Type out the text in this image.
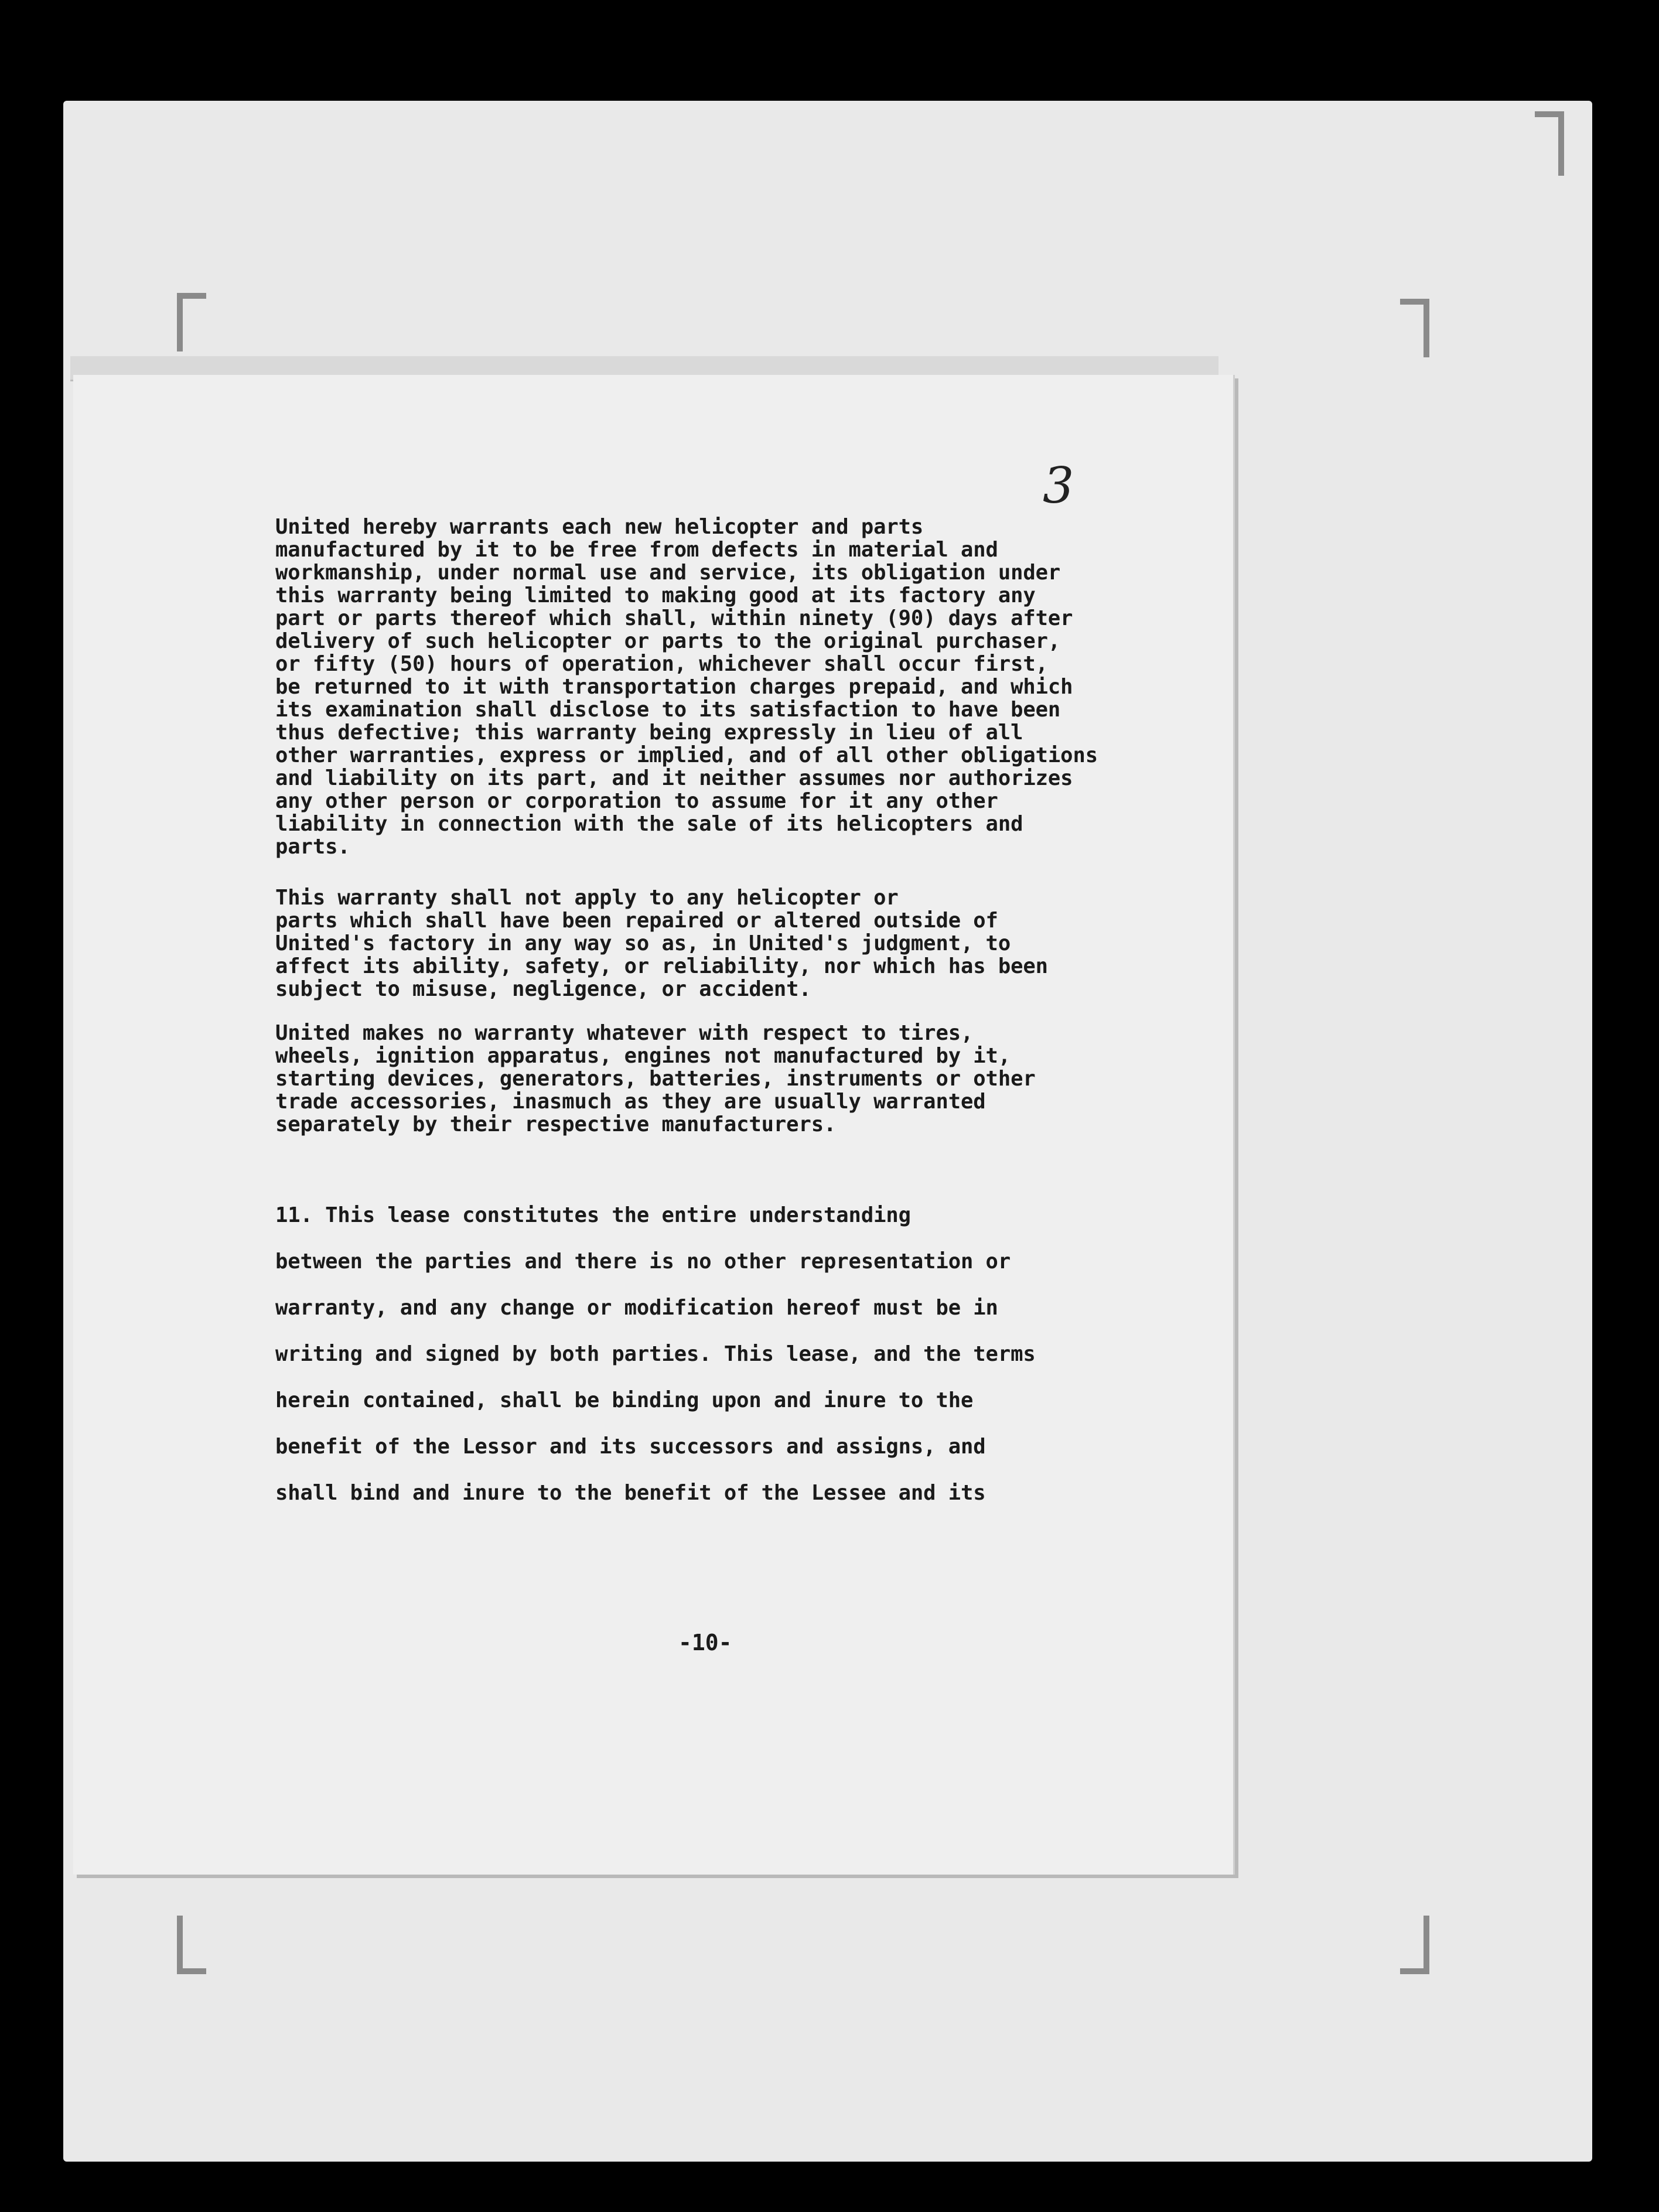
3

United hereby warrants each new helicopter and parts
manufactured by it to be free from defects in material and
workmanship, under normal use and service, its obligation under
this warranty being limited to making good at its factory any
part or parts thereof which shall, within ninety (90) days after
delivery of such helicopter or parts to the original purchaser,
or fifty (50) hours of operation, whichever shall occur first,
be returned to it with transportation charges prepaid, and which
its examination shall disclose to its satisfaction to have been
thus defective; this warranty being expressly in lieu of all
other warranties, express or implied, and of all other obligations
and liability on its part, and it neither assumes nor authorizes
any other person or corporation to assume for it any other
liability in connection with the sale of its helicopters and
parts.

This warranty shall not apply to any helicopter or
parts which shall have been repaired or altered outside of
United's factory in any way so as, in United's judgment, to
affect its ability, safety, or reliability, nor which has been
subject to misuse, negligence, or accident.

United makes no warranty whatever with respect to tires,
wheels, ignition apparatus, engines not manufactured by it,
starting devices, generators, batteries, instruments or other
trade accessories, inasmuch as they are usually warranted
separately by their respective manufacturers.

11. This lease constitutes the entire understanding
between the parties and there is no other representation or
warranty, and any change or modification hereof must be in
writing and signed by both parties. This lease, and the terms
herein contained, shall be binding upon and inure to the
benefit of the Lessor and its successors and assigns, and
shall bind and inure to the benefit of the Lessee and its

-10-
